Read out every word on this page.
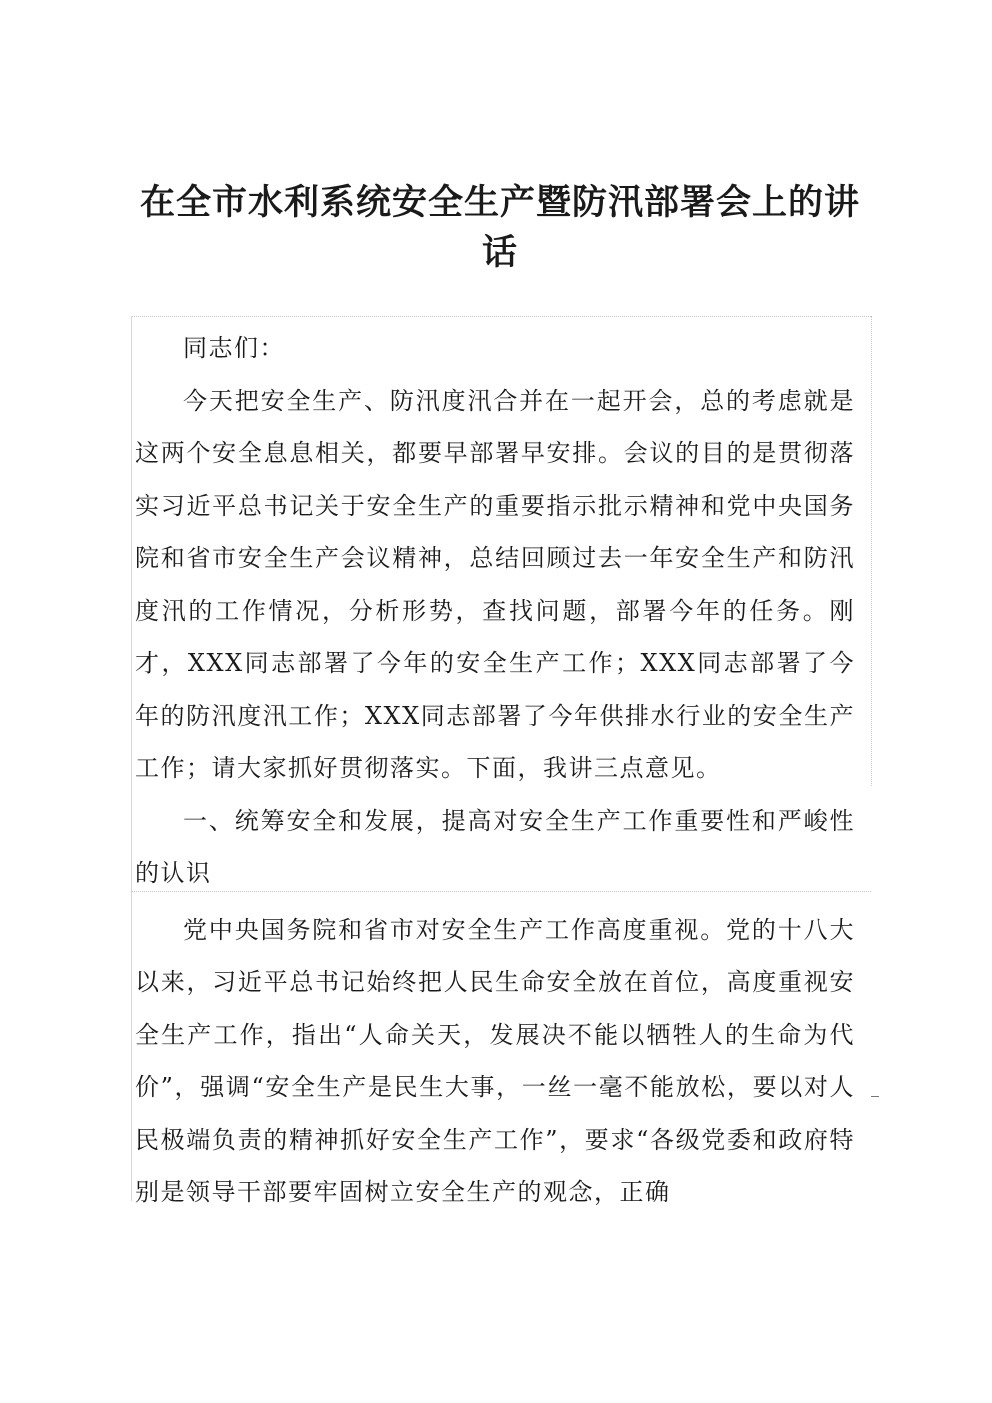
在全市水利系统安全生产暨防汛部署会上的讲话

同志们：

今天把安全生产、防汛度汛合并在一起开会，总的考虑就是这两个安全息息相关，都要早部署早安排。会议的目的是贯彻落实习近平总书记关于安全生产的重要指示批示精神和党中央国务院和省市安全生产会议精神，总结回顾过去一年安全生产和防汛度汛的工作情况，分析形势，查找问题，部署今年的任务。刚才，XXX同志部署了今年的安全生产工作；XXX同志部署了今年的防汛度汛工作；XXX同志部署了今年供排水行业的安全生产工作；请大家抓好贯彻落实。下面，我讲三点意见。

一、统筹安全和发展，提高对安全生产工作重要性和严峻性的认识

党中央国务院和省市对安全生产工作高度重视。党的十八大以来，习近平总书记始终把人民生命安全放在首位，高度重视安全生产工作，指出“人命关天，发展决不能以牺牲人的生命为代价”，强调“安全生产是民生大事，一丝一毫不能放松，要以对人民极端负责的精神抓好安全生产工作”，要求“各级党委和政府特别是领导干部要牢固树立安全生产的观念，正确
